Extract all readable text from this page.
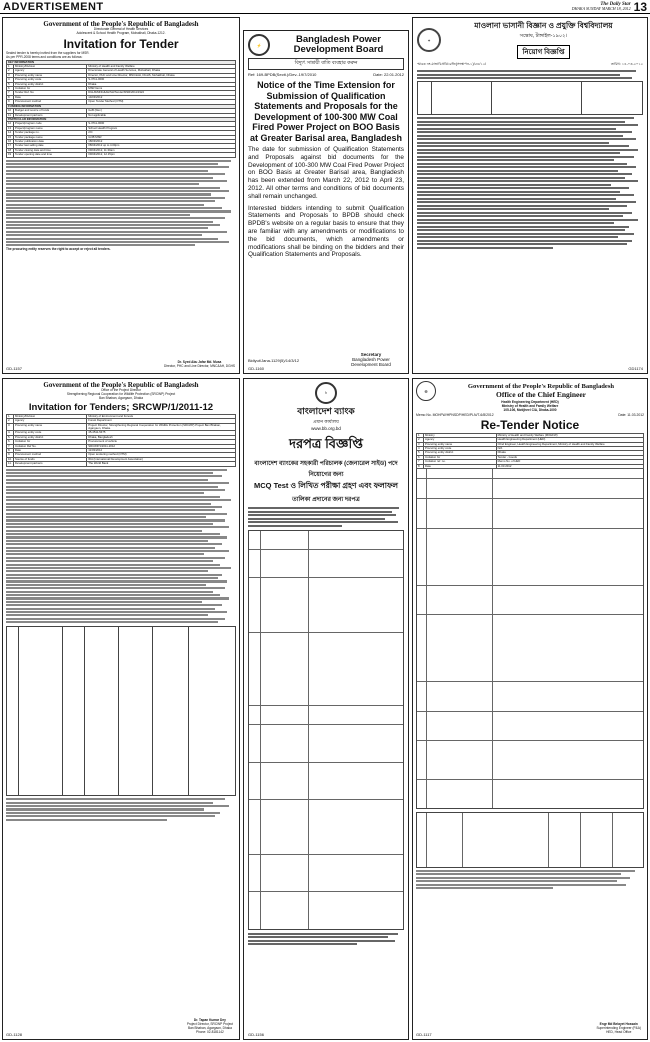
ADVERTISEMENT	The Daily Star
DHAKA SUNDAY MARCH 18, 2012 13
Government of the People's Republic of Bangladesh
Directorate General of Health Services
Adolescent & School Health Program, Mohakhali, Dhaka-1212.
Invitation for Tender
Sealed tender is hereby invited from the suppliers for MSR.
As per PPR-2008 terms and conditions are as follows:
KEY INFORMATION		
1	Ministry/Division	Ministry of Health and Family Welfare
2	Agency	Directorate General of Health Services, Mohakhali, Dhaka
3	Procuring entity name	Director, PHC and Line Director, MNC&AH, DGHS, Mohakhali, Dhaka
4	Procuring entity code	S-3711-0000
5	Procuring entity district	Dhaka
6	Invitation for	MSR Items
7	Tender Ref. No	DGHS/MNC&AH/SH/Tender/MSR/2011/1922
8	Date	14/03/2012
9	Procurement method	Open Tender Method (OTM)
FUNDING INFORMATION		
10	Budget and source of funds	GoB (Dev.)
11	Development partners	Not applicable
PARTICULAR INFORMATION		
12	Project/program code	S-3711-0000
13	Project/program name	School Health Program
14	Tender package no.	2/C
15	Tender package name	GOB MSR
16	Tender publication date	18/03/2012
17	Tender last selling date	08/04/2012 up to 4.00pm
18	Tender closing date and time	09/04/2012, 11.30am
19	Tender opening date and time	09/04/2012, 12.15pm
The procuring entity reserves the right to accept or reject all tenders.
Dr. Syed Abu Jafar Md. Musa
Director, PHC and Line Director, MNC&AH, DGHS
GD-1157
⚡	Bangladesh Power Development Board
বিদ্যুৎ সাশ্রয়ী বাতি ব্যবহার করুন
Ref: 169-BPDB(Sectt.)/Dev.-19/7/2010	Date: 22.01.2012
Notice of the Time Extension for Submission of Qualification Statements and Proposals for the Development of 100-300 MW Coal Fired Power Project on BOO Basis at Greater Barisal area, Bangladesh
The date for submission of Qualification Statements and Proposals against bid documents for the Development of 100-300 MW Coal Fired Power Project on BOO Basis at Greater Barisal area, Bangladesh has been extended from March 22, 2012 to April 23, 2012. All other terms and conditions of bid documents shall remain unchanged.
Interested bidders intending to submit Qualification Statements and Proposals to BPDB should check BPDB's website on a regular basis to ensure that they are familiar with any amendments or modifications to the bid documents, which amendments or modifications shall be binding on the bidders and their Qualification Statements and Proposals.
Secretary
Bangladesh Power Development Board
Bidiyut/Jana-1129(5)/14/3/12
GD-1160
✦
মাওলানা ভাসানী বিজ্ঞান ও প্রযুক্তি বিশ্ববিদ্যালয়
সন্তোষ, টাঙ্গাইল-১৯০২।
নিয়োগ বিজ্ঞপ্তি
স্মারক নং-মাভাবিপ্রবি/রেজি(সংস্থাপন-১)/৫৪/১২/	তারিখ: ১৪-০৩-২০১২
GD1174
Government of the People's Republic of Bangladesh
Office of the Project Director
Strengthening Regional Cooperation for Wildlife Protection (SRCWP) Project
Ban Bhaban, Agargaon, Dhaka
Invitation for Tenders; SRCWP/1/2011-12
1.	Ministry/Division	Ministry of Environment and Forests
2.	Agency	Forest Department
3.	Procuring entity name	Project Director, Strengthening Regional Cooperation for Wildlife Protection (SRCWP) Project Ban Bhaban, Agargaon, Dhaka.
4.	Procuring entity code	45-4511-5475
5.	Procuring entity district	Dhaka, Bangladesh
6.	Invitation for	Procurement of vehicle
7.	Invitation Ref No.	SRCWP/1/2011-2012
8.	Date	11/03/2012
9.	Procurement method	Open tendering method (OTM)
10.	Source of funds	IDA (International Development Association)
11.	Development partners	The World Bank
Dr. Tapan Kumar Dey
Project Director, SRCWP Project
Ban Bhaban, Agargaon, Dhaka
Phone: 02-8181142
GD-1128
৳
বাংলাদেশ ব্যাংক
প্রধান কার্যালয়
www.bb.org.bd
দরপত্র বিজ্ঞপ্তি
বাংলাদেশ ব্যাংকের সহকারী পরিচালক (জেনারেল সাইড) পদে নিয়োগের জন্য
MCQ Test ও লিখিত পরীক্ষা গ্রহণ এবং ফলাফল
তালিকা প্রদানের জন্য দরপত্র
GD-1156
❁
Government of the People's Republic of Bangladesh
Office of the Chief Engineer
Health Engineering Department (HED)
Ministry of Health and Family Welfare
105-106, Motijheel C/A, Dhaka-1000
Memo No. MOHFW/HPNSDP/HED/PLN/T-6/8/2012	Date: 11.03.2012
Re-Tender Notice
1	Ministry	Ministry of Health and Family Welfare (MOHFW)
2	Agency	Health Engineering Department (HED)
3	Procuring entity name	Chief Engineer, Health Engineering Department, Ministry of Health and Family Welfare
4	Procuring entity code	N/A
5	Procuring entity district	Dhaka
6	Invitation for	Tender - Goods
7	Invitation ref. no.	Memo No. of HED
8	Date	11.03.2012
Engr Md Belayet Hossain
Superintending Engineer (P&A)
HED, Head Office
GD-1117
